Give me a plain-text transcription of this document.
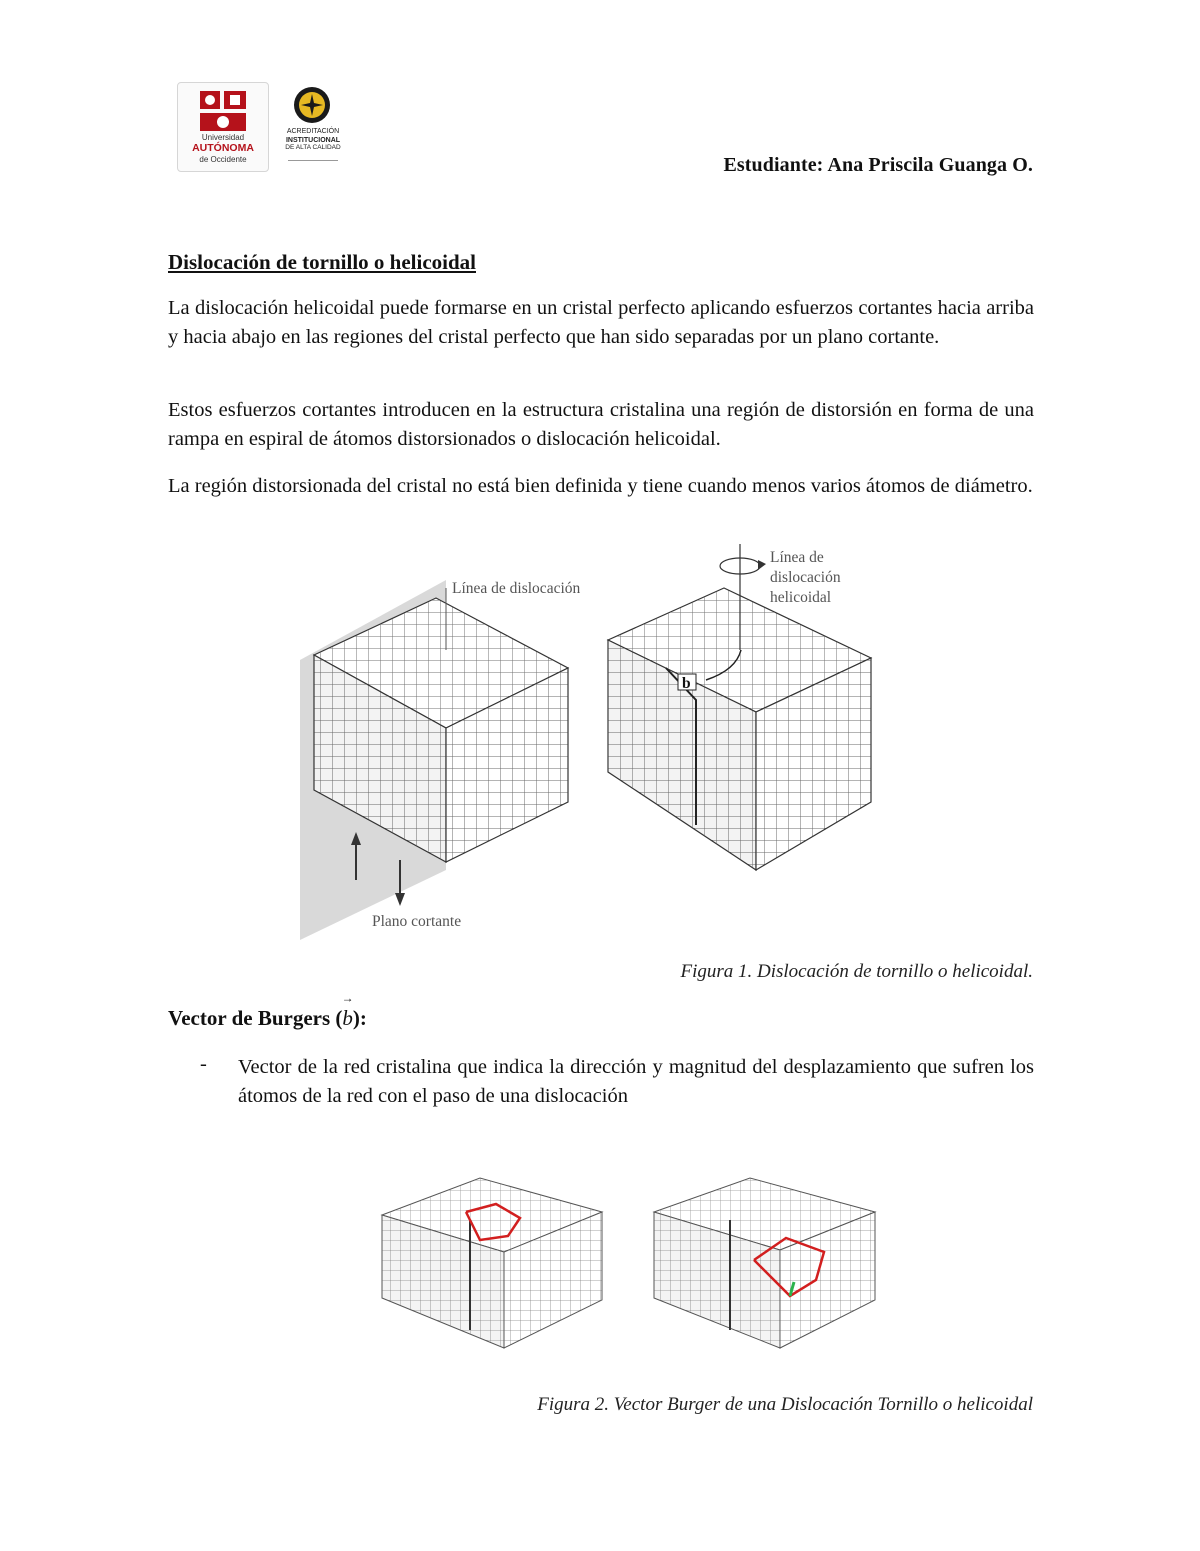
Universidad
AUTÓNOMA
de Occidente
ACREDITACIÓN
INSTITUCIONAL
DE ALTA CALIDAD
Estudiante: Ana Priscila Guanga O.
Dislocación de tornillo o helicoidal

La dislocación helicoidal puede formarse en un cristal perfecto aplicando esfuerzos cortantes hacia arriba y hacia abajo en las regiones del cristal perfecto que han sido separadas por un plano cortante.

Estos esfuerzos cortantes introducen en la estructura cristalina una región de distorsión en forma de una rampa en espiral de átomos distorsionados o dislocación helicoidal.

La región distorsionada del cristal no está bien definida y tiene cuando menos varios átomos de diámetro.

Línea de dislocación
Plano cortante
b
Línea de
dislocación
helicoidal
Figura 1. Dislocación de tornillo o helicoidal.
Vector de Burgers (b
→
):
- Vector de la red cristalina que indica la dirección y magnitud del desplazamiento que sufren los átomos de la red con el paso de una dislocación
Figura 2. Vector Burger de una Dislocación Tornillo o helicoidal
